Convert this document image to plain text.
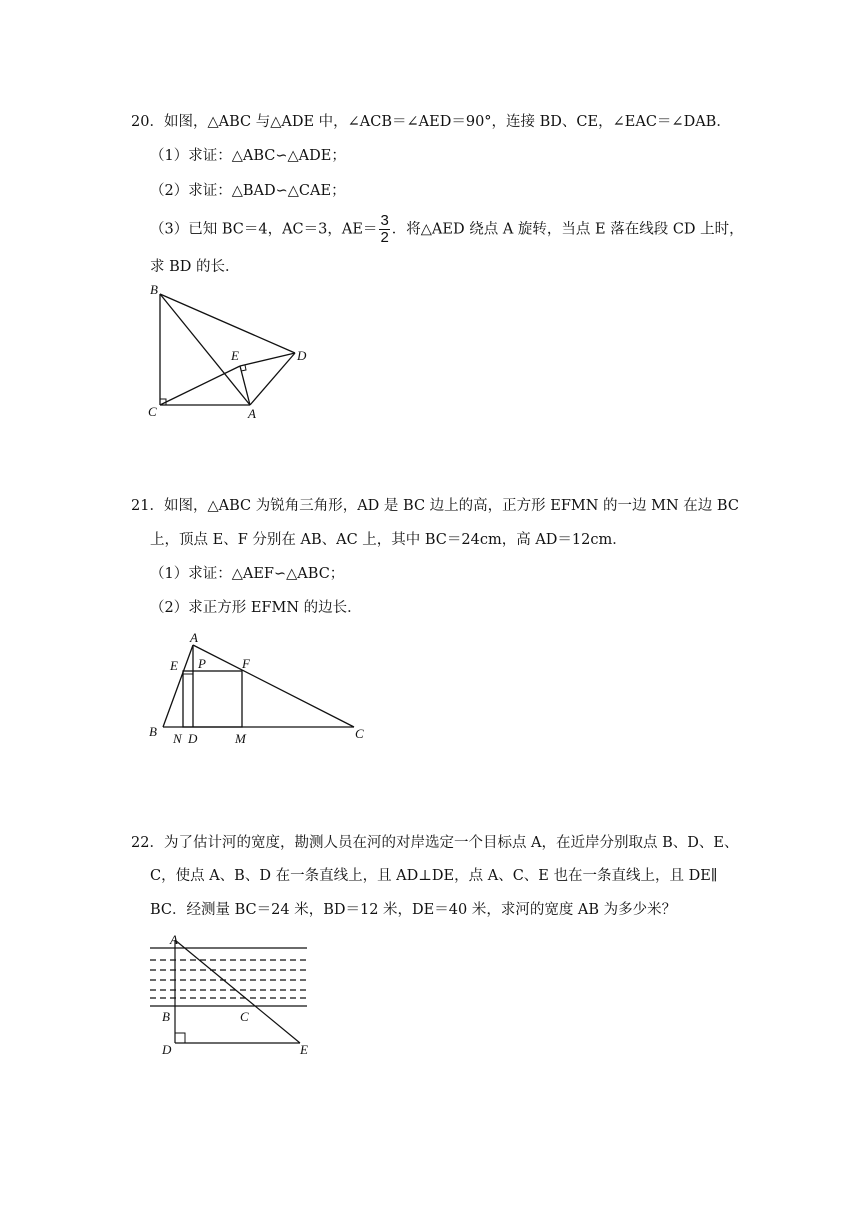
20．如图，△ABC 与△ADE 中，∠ACB＝∠AED＝90°，连接 BD、CE，∠EAC＝∠DAB．
（1）求证：△ABC∽△ADE；
（2）求证：△BAD∽△CAE；
（3）已知 BC＝4，AC＝3，$AE= \frac{3}{2}$ ．将△AED 绕点 A 旋转，当点 E 落在线段 CD 上时，
求 BD 的长．
B
C	A
E	D
21．如图，△ABC 为锐角三角形，AD 是 BC 边上的高，正方形 EFMN 的一边 MN 在边 BC
上，顶点 E、F 分别在 AB、AC 上，其中 BC＝24cm，高 AD＝12cm．
（1）求证：△AEF∽△ABC；
（2）求正方形 EFMN 的边长．
A
E P	F
B N D	M	C
22．为了估计河的宽度，勘测人员在河的对岸选定一个目标点 A，在近岸分别取点 B、D、E、
C，使点 A、B、D 在一条直线上，且 AD⊥DE，点 A、C、E 也在一条直线上，且 DE∥
BC．经测量 BC＝24 米，BD＝12 米，DE＝40 米，求河的宽度 AB 为多少米？
A
B	C
D	E
